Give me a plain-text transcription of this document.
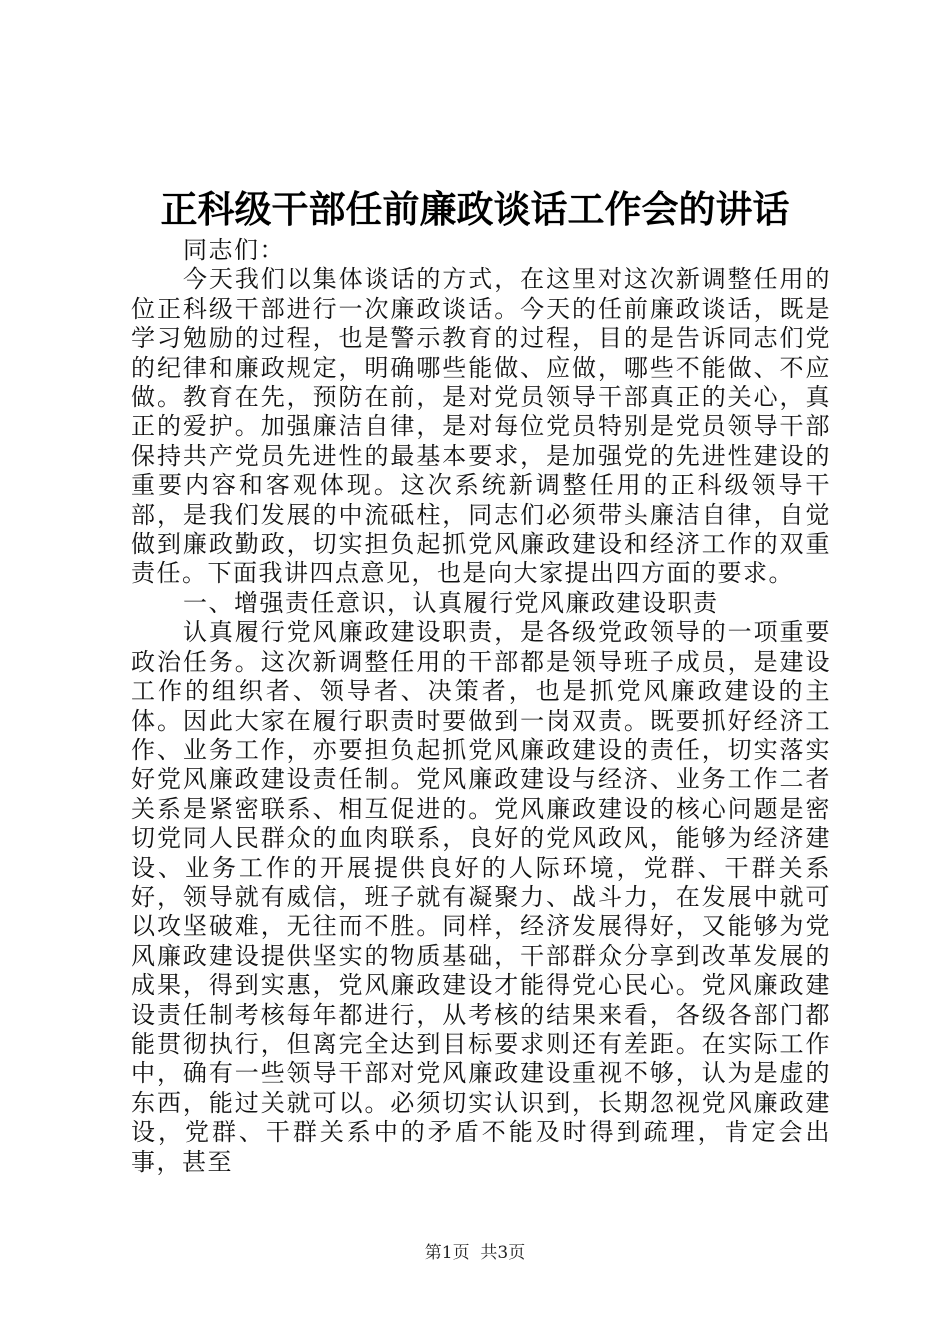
正科级干部任前廉政谈话工作会的讲话

同志们：

今天我们以集体谈话的方式，在这里对这次新调整任用的位正科级干部进行一次廉政谈话。今天的任前廉政谈话，既是学习勉励的过程，也是警示教育的过程，目的是告诉同志们党的纪律和廉政规定，明确哪些能做、应做，哪些不能做、不应做。教育在先，预防在前，是对党员领导干部真正的关心，真正的爱护。加强廉洁自律，是对每位党员特别是党员领导干部保持共产党员先进性的最基本要求，是加强党的先进性建设的重要内容和客观体现。这次系统新调整任用的正科级领导干部，是我们发展的中流砥柱，同志们必须带头廉洁自律，自觉做到廉政勤政，切实担负起抓党风廉政建设和经济工作的双重责任。下面我讲四点意见，也是向大家提出四方面的要求。

一、增强责任意识，认真履行党风廉政建设职责

认真履行党风廉政建设职责，是各级党政领导的一项重要政治任务。这次新调整任用的干部都是领导班子成员，是建设工作的组织者、领导者、决策者，也是抓党风廉政建设的主体。因此大家在履行职责时要做到一岗双责。既要抓好经济工作、业务工作，亦要担负起抓党风廉政建设的责任，切实落实好党风廉政建设责任制。党风廉政建设与经济、业务工作二者关系是紧密联系、相互促进的。党风廉政建设的核心问题是密切党同人民群众的血肉联系，良好的党风政风，能够为经济建设、业务工作的开展提供良好的人际环境，党群、干群关系好，领导就有威信，班子就有凝聚力、战斗力，在发展中就可以攻坚破难，无往而不胜。同样，经济发展得好，又能够为党风廉政建设提供坚实的物质基础，干部群众分享到改革发展的成果，得到实惠，党风廉政建设才能得党心民心。党风廉政建设责任制考核每年都进行，从考核的结果来看，各级各部门都能贯彻执行，但离完全达到目标要求则还有差距。在实际工作中，确有一些领导干部对党风廉政建设重视不够，认为是虚的东西，能过关就可以。必须切实认识到，长期忽视党风廉政建设，党群、干群关系中的矛盾不能及时得到疏理，肯定会出事，甚至

第1页 共3页
